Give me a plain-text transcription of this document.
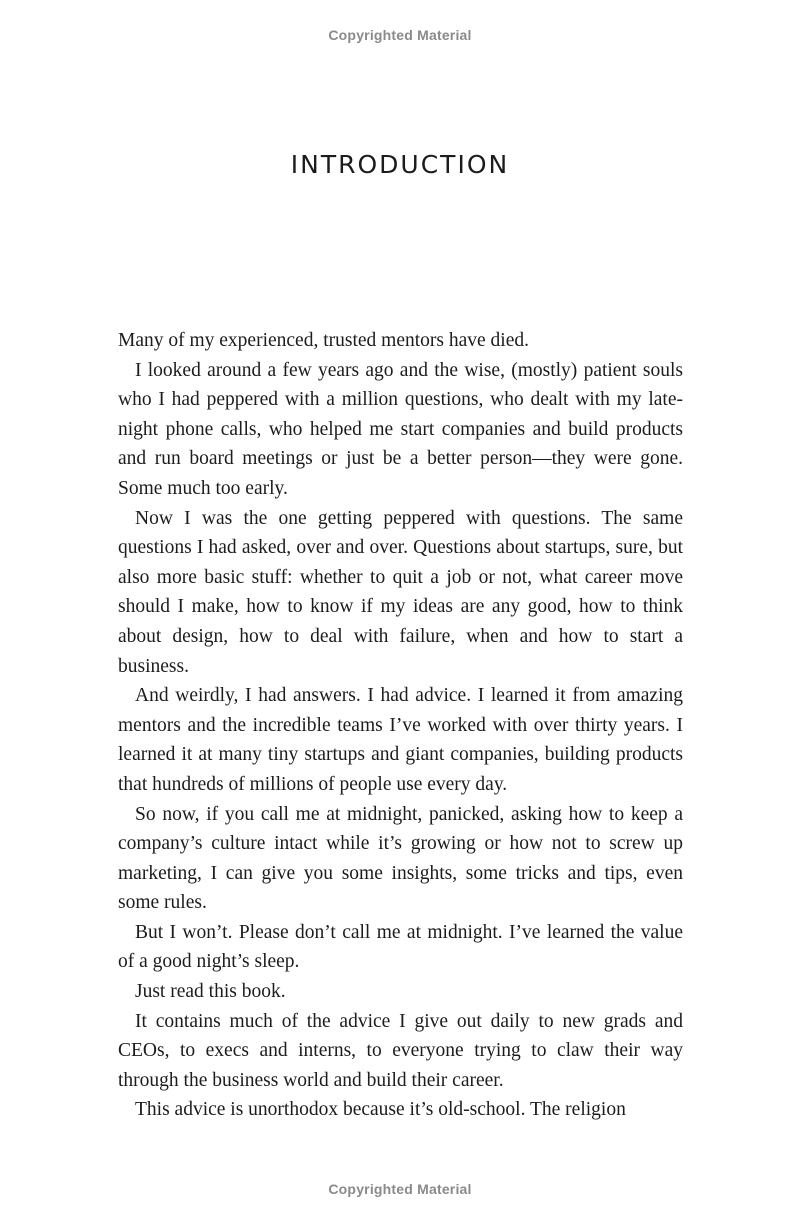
Copyrighted Material
INTRODUCTION

Many of my experienced, trusted mentors have died.

I looked around a few years ago and the wise, (mostly) patient souls who I had peppered with a million questions, who dealt with my late-night phone calls, who helped me start companies and build products and run board meetings or just be a better person—they were gone. Some much too early.

Now I was the one getting peppered with questions. The same questions I had asked, over and over. Questions about startups, sure, but also more basic stuff: whether to quit a job or not, what career move should I make, how to know if my ideas are any good, how to think about design, how to deal with failure, when and how to start a business.

And weirdly, I had answers. I had advice. I learned it from amazing mentors and the incredible teams I’ve worked with over thirty years. I learned it at many tiny startups and giant companies, building products that hundreds of millions of people use every day.

So now, if you call me at midnight, panicked, asking how to keep a company’s culture intact while it’s growing or how not to screw up marketing, I can give you some insights, some tricks and tips, even some rules.

But I won’t. Please don’t call me at midnight. I’ve learned the value of a good night’s sleep.

Just read this book.

It contains much of the advice I give out daily to new grads and CEOs, to execs and interns, to everyone trying to claw their way through the business world and build their career.

This advice is unorthodox because it’s old-school. The religion

Copyrighted Material
